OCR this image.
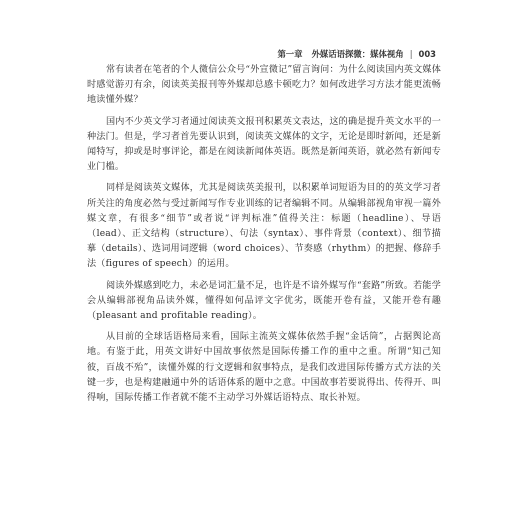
第一章 外媒话语探微：媒体视角 | 003

常有读者在笔者的个人微信公众号“外宣微记”留言询问：为什么阅读国内英文媒体时感觉游刃有余，阅读英美报刊等外媒却总感卡顿吃力？如何改进学习方法才能更流畅地读懂外媒？

国内不少英文学习者通过阅读英文报刊积累英文表达，这的确是提升英文水平的一种法门。但是，学习者首先要认识到，阅读英文媒体的文字，无论是即时新闻，还是新闻特写，抑或是时事评论，都是在阅读新闻体英语。既然是新闻英语，就必然有新闻专业门槛。

同样是阅读英文媒体，尤其是阅读英美报刊，以积累单词短语为目的的英文学习者所关注的角度必然与受过新闻写作专业训练的记者编辑不同。从编辑部视角审视一篇外媒文章，有很多“细节”或者说“评判标准”值得关注：标题（headline）、导语（lead）、正文结构（structure）、句法（syntax）、事件背景（context）、细节描摹（details）、选词用词逻辑（word choices）、节奏感（rhythm）的把握、修辞手法（figures of speech）的运用。

阅读外媒感到吃力，未必是词汇量不足，也许是不谙外媒写作“套路”所致。若能学会从编辑部视角品读外媒，懂得如何品评文字优劣，既能开卷有益，又能开卷有趣（pleasant and profitable reading）。

从目前的全球话语格局来看，国际主流英文媒体依然手握“金话筒”，占据舆论高地。有鉴于此，用英文讲好中国故事依然是国际传播工作的重中之重。所谓“知己知彼，百战不殆”，读懂外媒的行文逻辑和叙事特点，是我们改进国际传播方式方法的关键一步，也是构建融通中外的话语体系的题中之意。中国故事若要说得出、传得开、叫得响，国际传播工作者就不能不主动学习外媒话语特点、取长补短。
